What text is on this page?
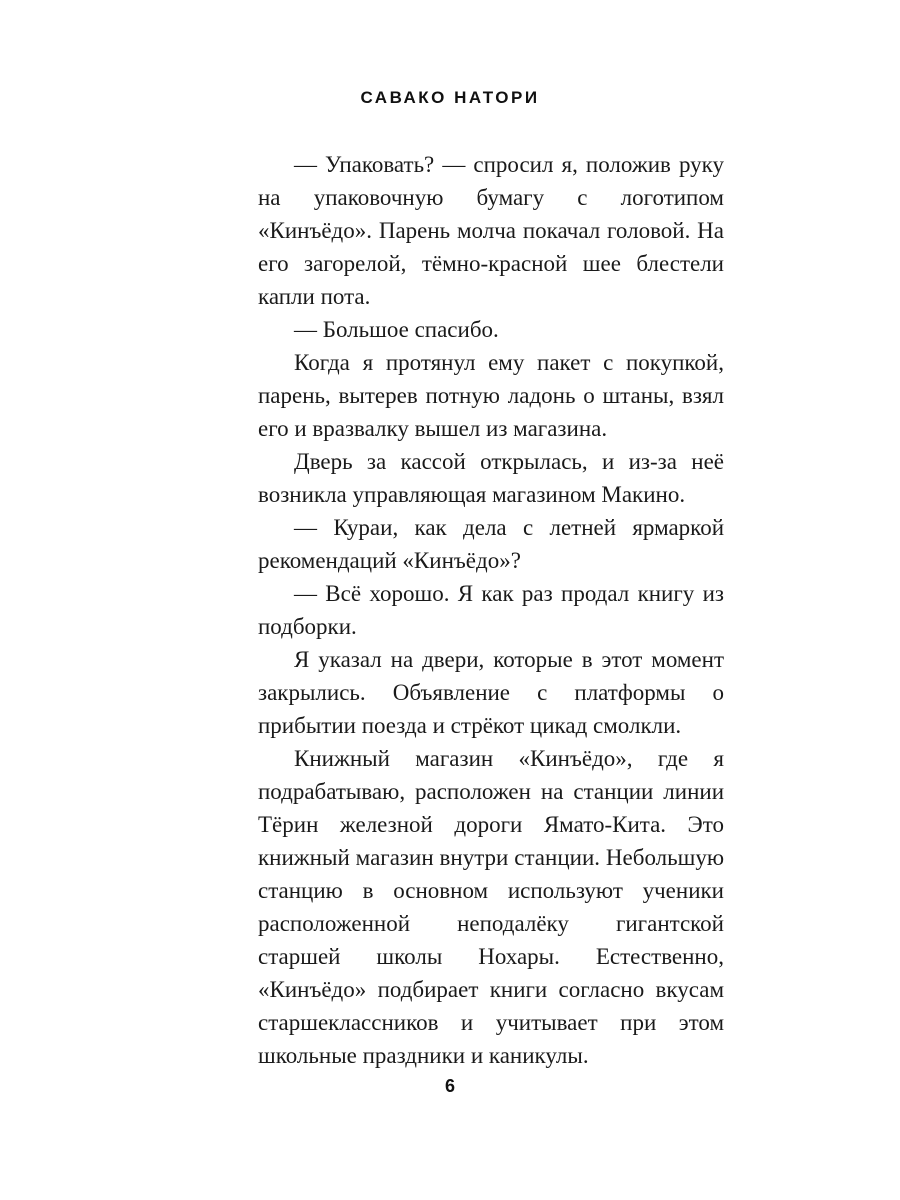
САВАКО НАТОРИ

— Упаковать? — спросил я, положив руку на упаковочную бумагу с логотипом «Кинъёдо». Парень молча покачал головой. На его загорелой, тёмно-красной шее блестели капли пота.

— Большое спасибо.

Когда я протянул ему пакет с покупкой, парень, вытерев потную ладонь о штаны, взял его и вразвалку вышел из магазина.

Дверь за кассой открылась, и из-за неё возникла управляющая магазином Макино.

— Кураи, как дела с летней ярмаркой рекомендаций «Кинъёдо»?

— Всё хорошо. Я как раз продал книгу из подборки.

Я указал на двери, которые в этот момент закрылись. Объявление с платформы о прибытии поезда и стрёкот цикад смолкли.

Книжный магазин «Кинъёдо», где я подрабатываю, расположен на станции линии Тёрин железной дороги Ямато-Кита. Это книжный магазин внутри станции. Небольшую станцию в основном используют ученики расположенной неподалёку гигантской старшей школы Нохары. Естественно, «Кинъёдо» подбирает книги согласно вкусам старшеклассников и учитывает при этом школьные праздники и каникулы.

6
